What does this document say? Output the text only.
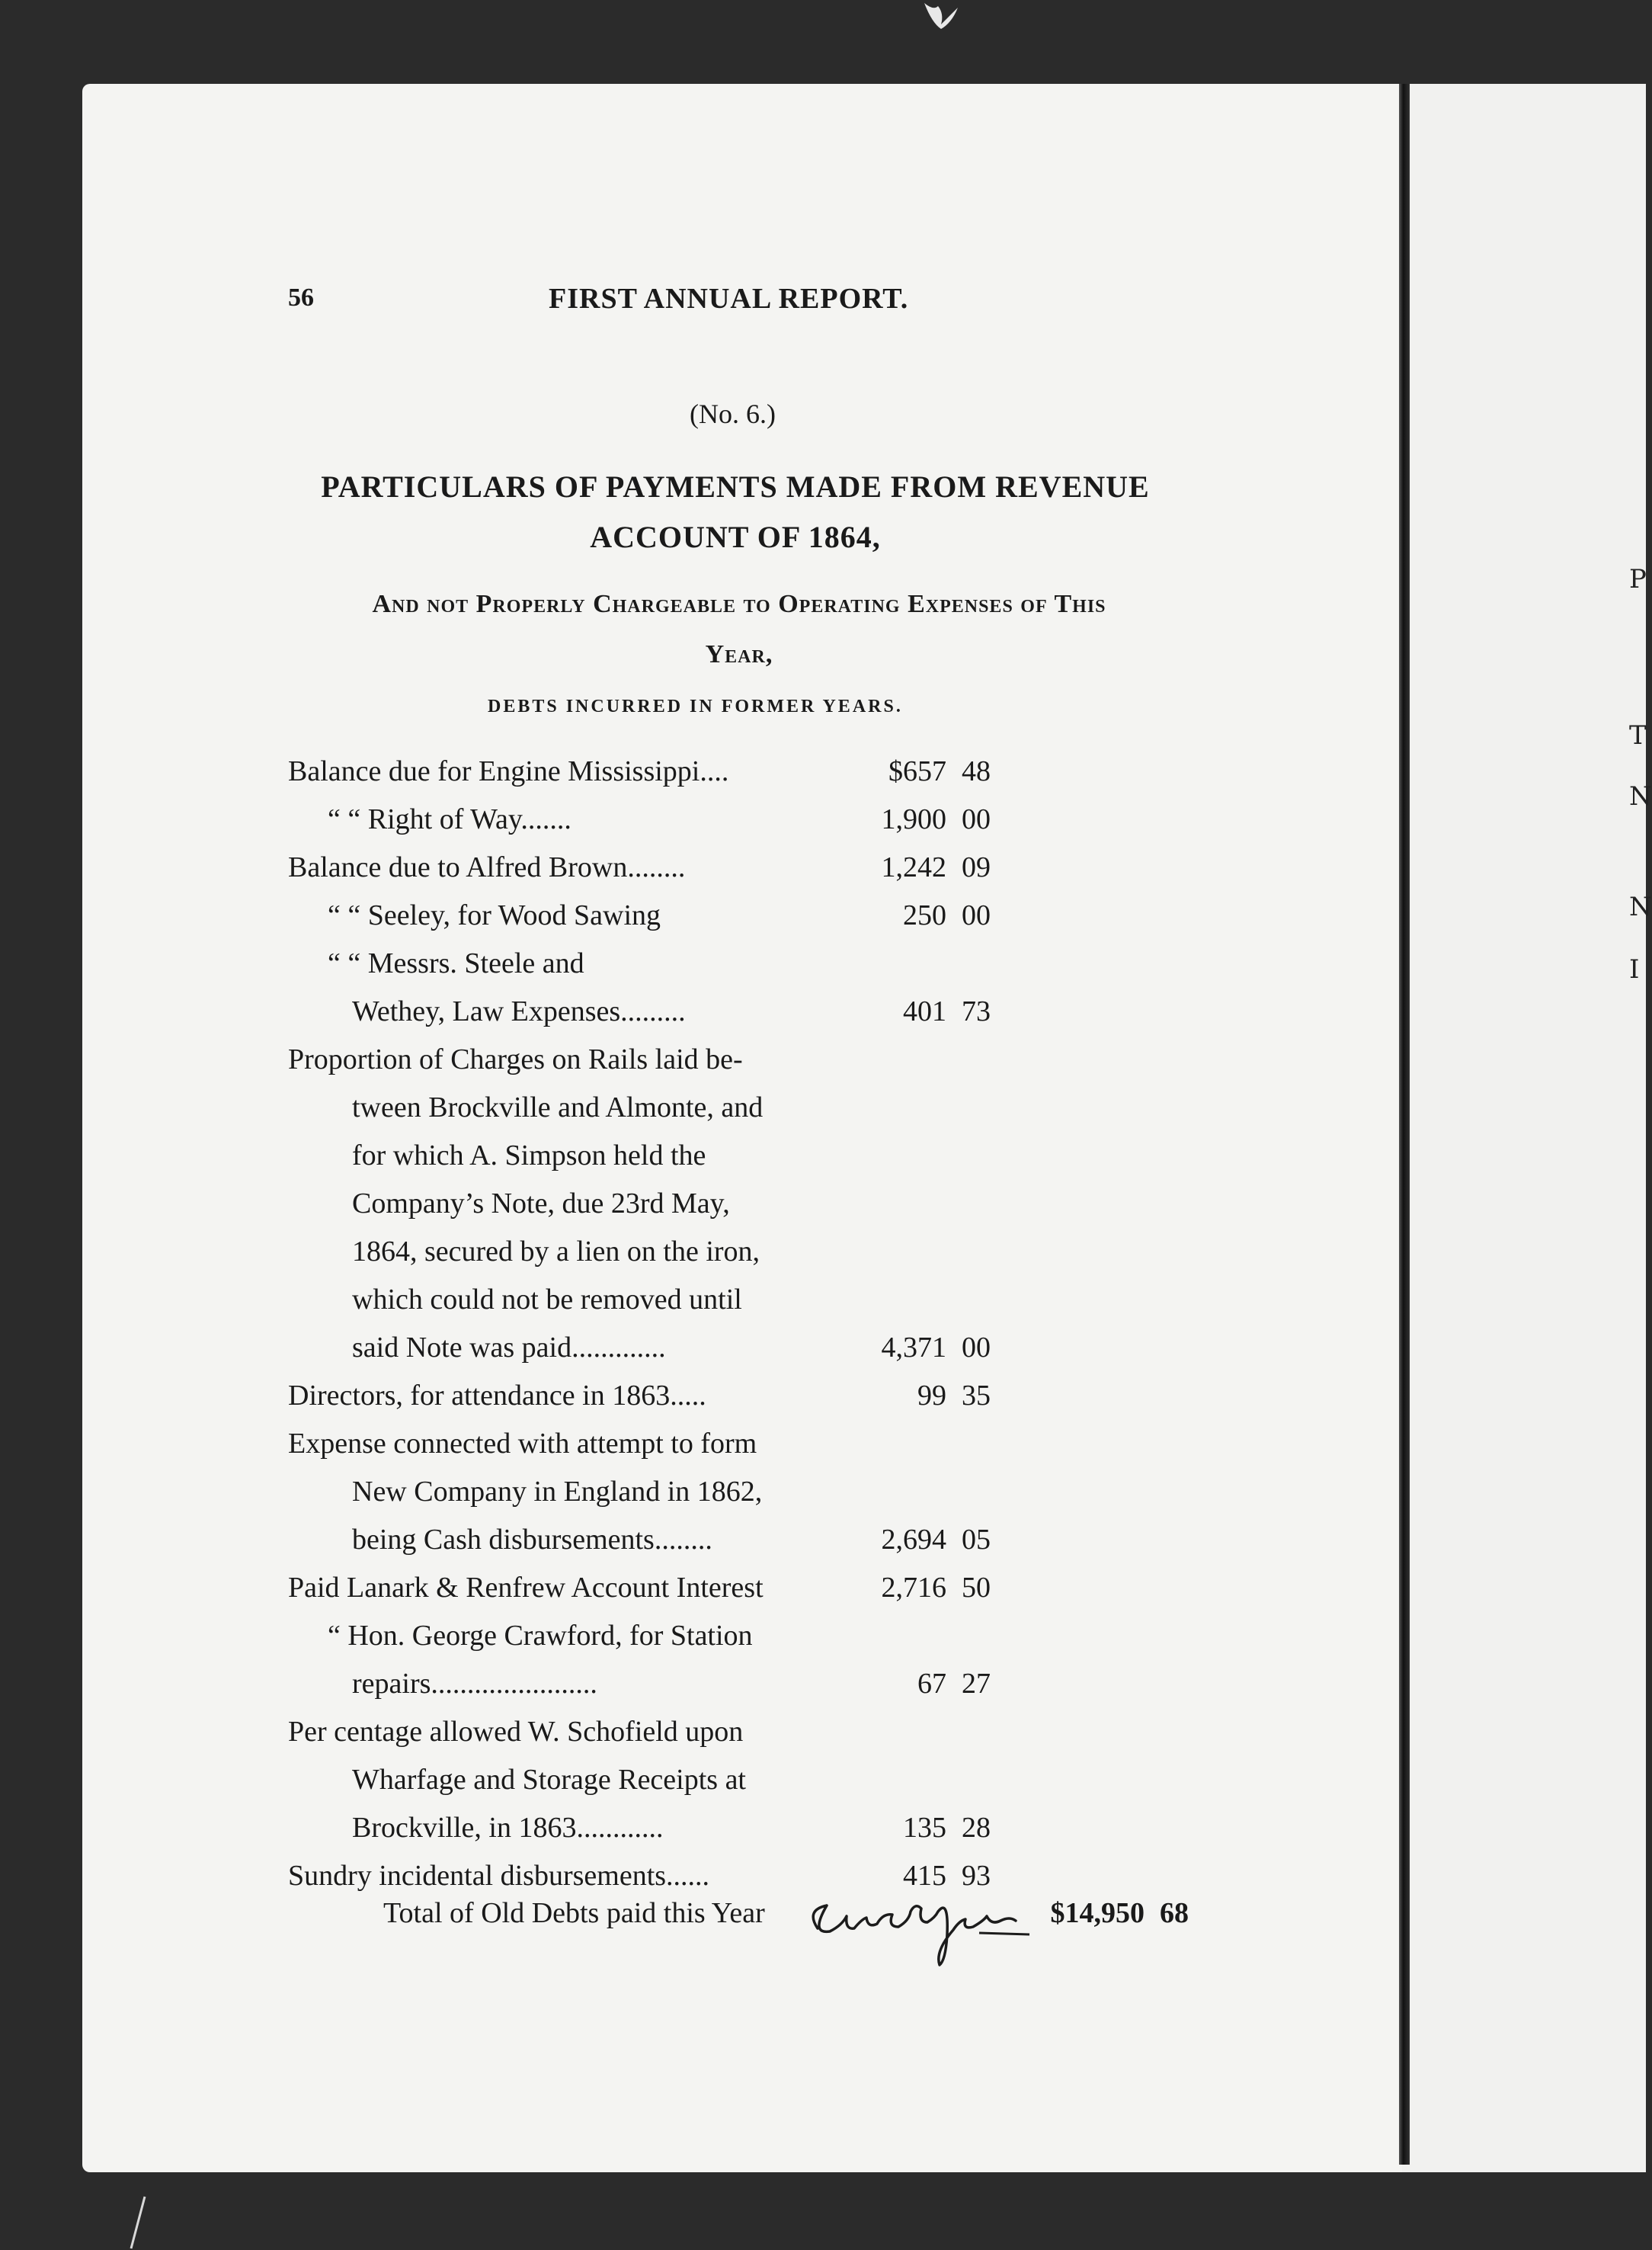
P
T
N
N
I
56	FIRST ANNUAL REPORT.
(No. 6.)
PARTICULARS OF PAYMENTS MADE FROM REVENUE
ACCOUNT OF 1864,
And not Properly Chargeable to Operating Expenses of This
Year,
DEBTS INCURRED IN FORMER YEARS.
Balance due for Engine Mississippi....	$657 48
“ “ Right of Way.......	1,900 00
Balance due to Alfred Brown........	1,242 09
“ “ Seeley, for Wood Sawing	250 00
“ “ Messrs. Steele and
Wethey, Law Expenses.........	401 73
Proportion of Charges on Rails laid be-
tween Brockville and Almonte, and
for which A. Simpson held the
Company’s Note, due 23rd May,
1864, secured by a lien on the iron,
which could not be removed until
said Note was paid.............	4,371 00
Directors, for attendance in 1863.....	99 35
Expense connected with attempt to form
New Company in England in 1862,
being Cash disbursements........	2,694 05
Paid Lanark & Renfrew Account Interest	2,716 50
“ Hon. George Crawford, for Station
repairs.......................	67 27
Per centage allowed W. Schofield upon
Wharfage and Storage Receipts at
Brockville, in 1863............	135 28
Sundry incidental disbursements......	415 93
Total of Old Debts paid this Year	$14,950 68
